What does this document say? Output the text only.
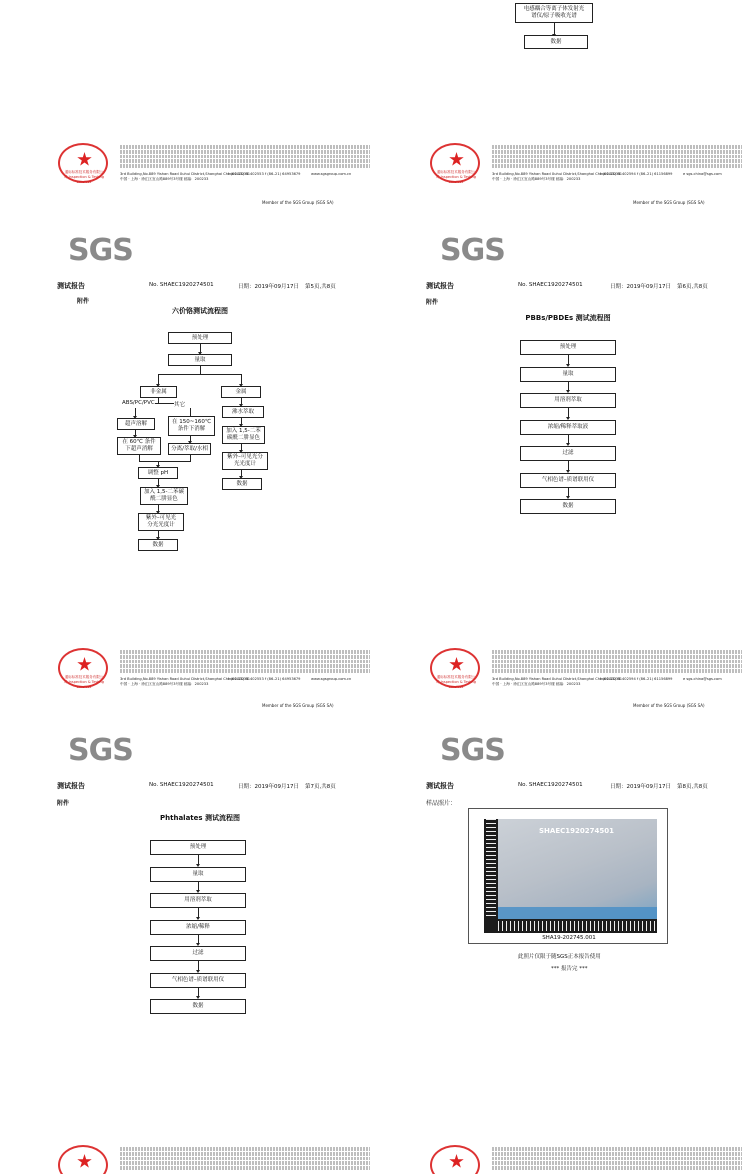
电感耦合等离子体发射光
谱仪/原子吸收光谱
数据
通标标准技术服务有限公司 Inspection & Testing Services
3rd Building,No.889 Yishan Road Xuhui District,Shanghai China 200233
中国 · 上海 · 徐汇区宜山路889号3号楼 邮编：200233
t (86–21) 61402553 f (86–21) 64953679	www.sgsgroup.com.cn	通标标准技术服务有限公司 Inspection & Testing Services
3rd Building,No.889 Yishan Road Xuhui District,Shanghai China 200233
中国 · 上海 · 徐汇区宜山路889号3号楼 邮编：200233
t (86–21) 61402594 f (86–21) 61156899	e sgs.china@sgs.com
Member of the SGS Group (SGS SA)	Member of the SGS Group (SGS SA)
SGS
测试报告	No. SHAEC1920274501	日期：2019年09月17日 第5页,共8页
附件
六价铬测试流程图
预处理
量取
非金属	金属
ABS/PC/PVC	其它
超声溶解	在 150~160℃
条件下消解
沸水萃取
在 60℃ 条件
下超声消解	分离/萃取/水相
加入 1,5-二苯
碳酰二肼显色
紫外–可见光分
光光度计
数据
调整 pH
加入 1,5-二苯碳
酰二肼显色
紫外–可见光
分光光度计
数据
SGS
测试报告	No. SHAEC1920274501	日期：2019年09月17日 第6页,共8页
附件
PBBs/PBDEs 测试流程图
预处理
量取
用溶剂萃取
浓缩/稀释萃取液
过滤
气相色谱–质谱联用仪
数据
通标标准技术服务有限公司 Inspection & Testing Services
3rd Building,No.889 Yishan Road Xuhui District,Shanghai China 200233
中国 · 上海 · 徐汇区宜山路889号3号楼 邮编：200233
t (86–21) 61402553 f (86–21) 64953679	www.sgsgroup.com.cn	通标标准技术服务有限公司 Inspection & Testing Services
3rd Building,No.889 Yishan Road Xuhui District,Shanghai China 200233
中国 · 上海 · 徐汇区宜山路889号3号楼 邮编：200233
t (86–21) 61402594 f (86–21) 61156899	e sgs.china@sgs.com
Member of the SGS Group (SGS SA)	Member of the SGS Group (SGS SA)
SGS
测试报告	No. SHAEC1920274501	日期：2019年09月17日 第7页,共8页
附件
Phthalates 测试流程图
预处理
量取
用溶剂萃取
浓缩/稀释
过滤
气相色谱–质谱联用仪
数据
SGS
测试报告	No. SHAEC1920274501	日期：2019年09月17日 第8页,共8页
样品照片：
SHAEC1920274501
SHA19-202745.001
此照片仅限于随SGS正本报告使用
*** 报告完 ***
